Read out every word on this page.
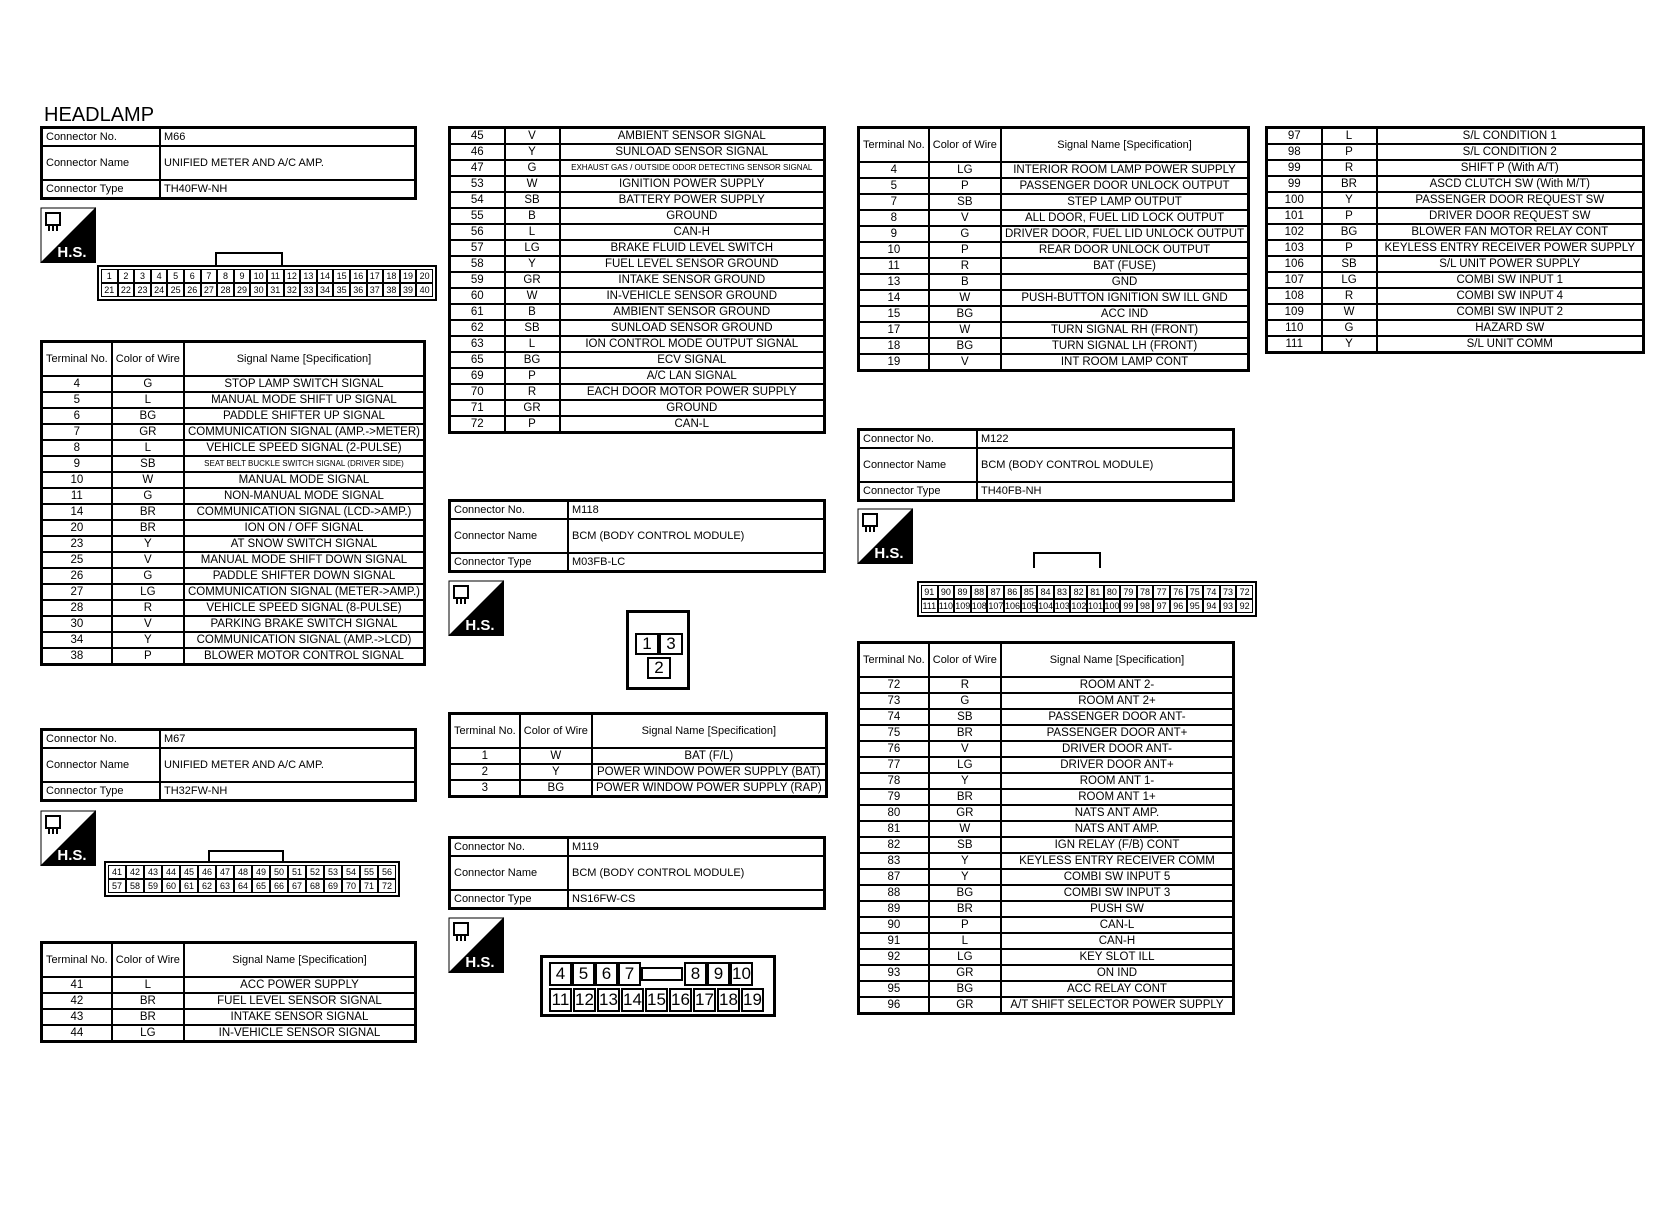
HEADLAMP
Connector No.	M66
Connector Name	UNIFIED METER AND A/C AMP.
Connector Type	TH40FW-NH
Connector No.	M67
Connector Name	UNIFIED METER AND A/C AMP.
Connector Type	TH32FW-NH
Connector No.	M118
Connector Name	BCM (BODY CONTROL MODULE)
Connector Type	M03FB-LC
Connector No.	M119
Connector Name	BCM (BODY CONTROL MODULE)
Connector Type	NS16FW-CS
Connector No.	M122
Connector Name	BCM (BODY CONTROL MODULE)
Connector Type	TH40FB-NH
Terminal No.	Color of Wire	Signal Name [Specification]
4	G	STOP LAMP SWITCH SIGNAL
5	L	MANUAL MODE SHIFT UP SIGNAL
6	BG	PADDLE SHIFTER UP SIGNAL
7	GR	COMMUNICATION SIGNAL (AMP.->METER)
8	L	VEHICLE SPEED SIGNAL (2-PULSE)
9	SB	SEAT BELT BUCKLE SWITCH SIGNAL (DRIVER SIDE)
10	W	MANUAL MODE SIGNAL
11	G	NON-MANUAL MODE SIGNAL
14	BR	COMMUNICATION SIGNAL (LCD->AMP.)
20	BR	ION ON / OFF SIGNAL
23	Y	AT SNOW SWITCH SIGNAL
25	V	MANUAL MODE SHIFT DOWN SIGNAL
26	G	PADDLE SHIFTER DOWN SIGNAL
27	LG	COMMUNICATION SIGNAL (METER->AMP.)
28	R	VEHICLE SPEED SIGNAL (8-PULSE)
30	V	PARKING BRAKE SWITCH SIGNAL
34	Y	COMMUNICATION SIGNAL (AMP.->LCD)
38	P	BLOWER MOTOR CONTROL SIGNAL
Terminal No.	Color of Wire	Signal Name [Specification]
41	L	ACC POWER SUPPLY
42	BR	FUEL LEVEL SENSOR SIGNAL
43	BR	INTAKE SENSOR SIGNAL
44	LG	IN-VEHICLE SENSOR SIGNAL
45	V	AMBIENT SENSOR SIGNAL
46	Y	SUNLOAD SENSOR SIGNAL
47	G	EXHAUST GAS / OUTSIDE ODOR DETECTING SENSOR SIGNAL
53	W	IGNITION POWER SUPPLY
54	SB	BATTERY POWER SUPPLY
55	B	GROUND
56	L	CAN-H
57	LG	BRAKE FLUID LEVEL SWITCH
58	Y	FUEL LEVEL SENSOR GROUND
59	GR	INTAKE SENSOR GROUND
60	W	IN-VEHICLE SENSOR GROUND
61	B	AMBIENT SENSOR GROUND
62	SB	SUNLOAD SENSOR GROUND
63	L	ION CONTROL MODE OUTPUT SIGNAL
65	BG	ECV SIGNAL
69	P	A/C LAN SIGNAL
70	R	EACH DOOR MOTOR POWER SUPPLY
71	GR	GROUND
72	P	CAN-L
Terminal No.	Color of Wire	Signal Name [Specification]
1	W	BAT (F/L)
2	Y	POWER WINDOW POWER SUPPLY (BAT)
3	BG	POWER WINDOW POWER SUPPLY (RAP)
Terminal No.	Color of Wire	Signal Name [Specification]
4	LG	INTERIOR ROOM LAMP POWER SUPPLY
5	P	PASSENGER DOOR UNLOCK OUTPUT
7	SB	STEP LAMP OUTPUT
8	V	ALL DOOR, FUEL LID LOCK OUTPUT
9	G	DRIVER DOOR, FUEL LID UNLOCK OUTPUT
10	P	REAR DOOR UNLOCK OUTPUT
11	R	BAT (FUSE)
13	B	GND
14	W	PUSH-BUTTON IGNITION SW ILL GND
15	BG	ACC IND
17	W	TURN SIGNAL RH (FRONT)
18	BG	TURN SIGNAL LH (FRONT)
19	V	INT ROOM LAMP CONT
Terminal No.	Color of Wire	Signal Name [Specification]
72	R	ROOM ANT 2-
73	G	ROOM ANT 2+
74	SB	PASSENGER DOOR ANT-
75	BR	PASSENGER DOOR ANT+
76	V	DRIVER DOOR ANT-
77	LG	DRIVER DOOR ANT+
78	Y	ROOM ANT 1-
79	BR	ROOM ANT 1+
80	GR	NATS ANT AMP.
81	W	NATS ANT AMP.
82	SB	IGN RELAY (F/B) CONT
83	Y	KEYLESS ENTRY RECEIVER COMM
87	Y	COMBI SW INPUT 5
88	BG	COMBI SW INPUT 3
89	BR	PUSH SW
90	P	CAN-L
91	L	CAN-H
92	LG	KEY SLOT ILL
93	GR	ON IND
95	BG	ACC RELAY CONT
96	GR	A/T SHIFT SELECTOR POWER SUPPLY
97	L	S/L CONDITION 1
98	P	S/L CONDITION 2
99	R	SHIFT P (With A/T)
99	BR	ASCD CLUTCH SW (With M/T)
100	Y	PASSENGER DOOR REQUEST SW
101	P	DRIVER DOOR REQUEST SW
102	BG	BLOWER FAN MOTOR RELAY CONT
103	P	KEYLESS ENTRY RECEIVER POWER SUPPLY
106	SB	S/L UNIT POWER SUPPLY
107	LG	COMBI SW INPUT 1
108	R	COMBI SW INPUT 4
109	W	COMBI SW INPUT 2
110	G	HAZARD SW
111	Y	S/L UNIT COMM
H.S.
H.S.
H.S.
H.S.
H.S.
1	2	3	4	5	6	7	8	9	10 11 12 13 14 15 16 17 18 19 20
21 22 23 24 25 26 27 28 29 30 31 32 33 34 35 36 37 38 39 40
41 42 43 44 45 46 47 48 49 50 51 52 53 54 55 56
57 58 59 60 61 62 63 64 65 66 67 68 69 70 71 72
1 3
2
4 5 6 7	8 9 10
11 12 13 14 15 16 17 18 19
91 90 89 88 87 86 85 84 83 82 81 80 79 78 77 76 75 74 73 72
111 110 109 108 107 106 105 104 103 102 101 100 99 98 97 96 95 94 93 92
